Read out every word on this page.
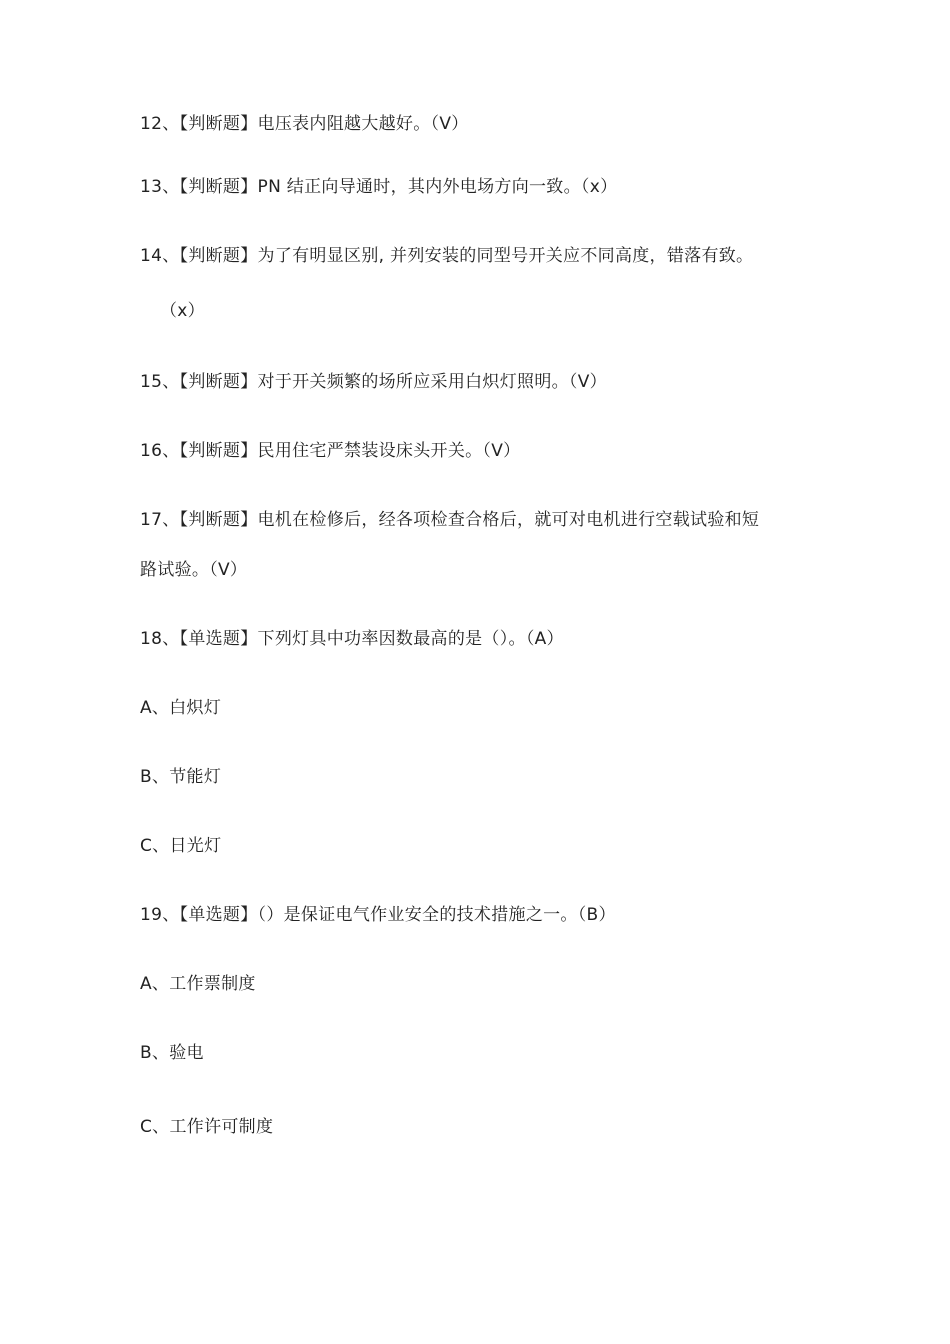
12、【判断题】电压表内阻越大越好。（V）
13、【判断题】PN 结正向导通时，其内外电场方向一致。（x）
14、【判断题】为了有明显区别, 并列安装的同型号开关应不同高度，错落有致。
（x）
15、【判断题】对于开关频繁的场所应采用白炽灯照明。（V）
16、【判断题】民用住宅严禁装设床头开关。（V）
17、【判断题】电机在检修后，经各项检查合格后，就可对电机进行空载试验和短
路试验。（V）
18、【单选题】下列灯具中功率因数最高的是（）。（A）
A、白炽灯
B、节能灯
C、日光灯
19、【单选题】（）是保证电气作业安全的技术措施之一。（B）
A、工作票制度
B、验电
C、工作许可制度
